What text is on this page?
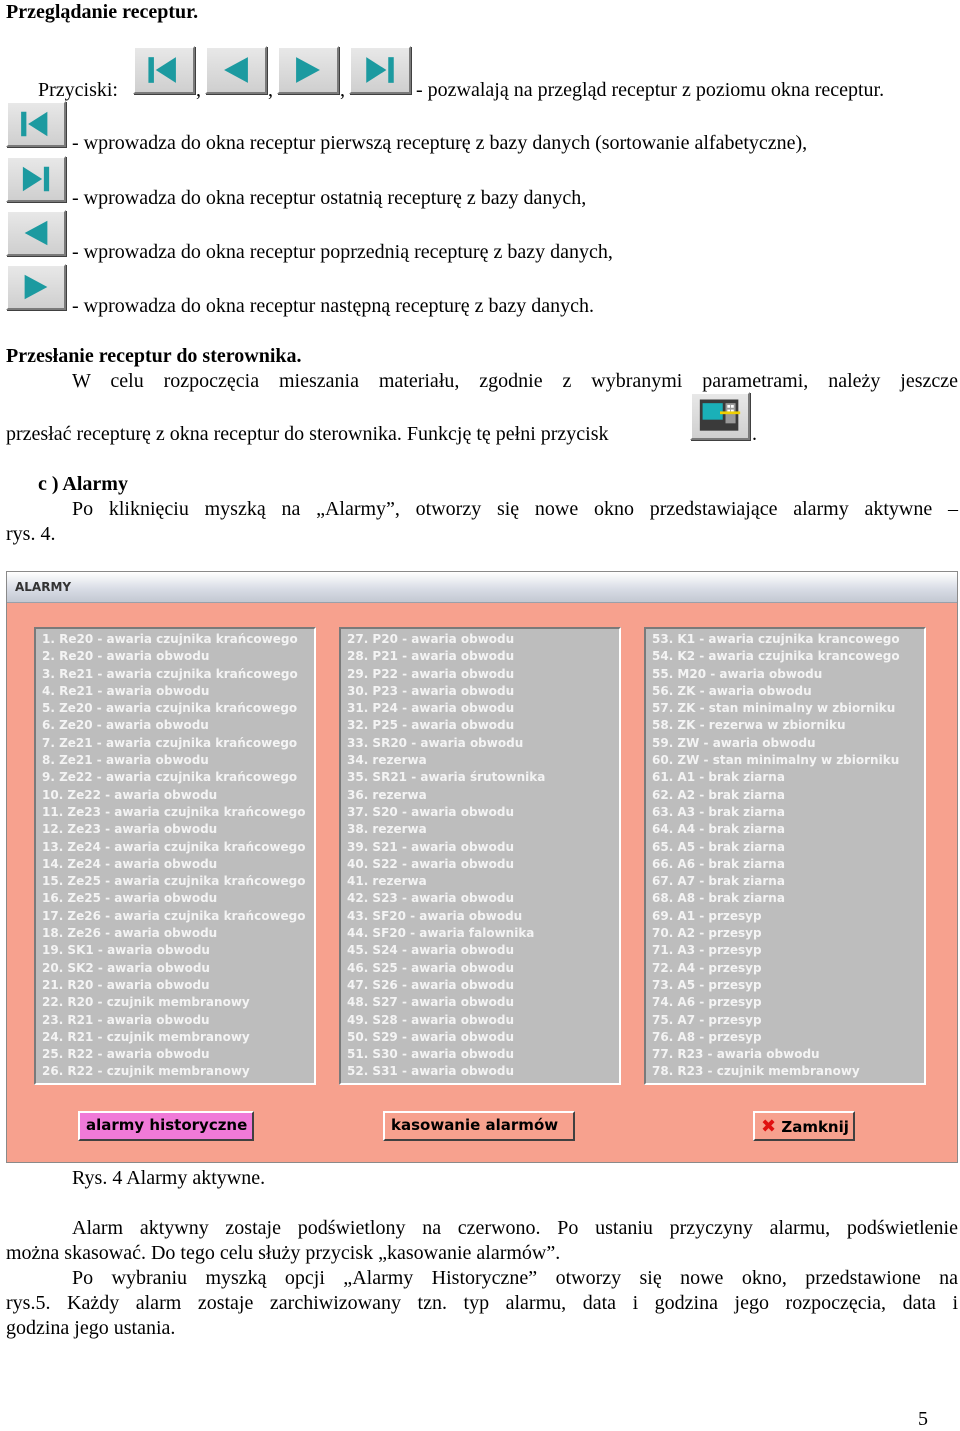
Przeglądanie receptur.
Przyciski:	,	,	,	- pozwalają na przegląd receptur z poziomu okna receptur.
- wprowadza do okna receptur pierwszą recepturę z bazy danych (sortowanie alfabetyczne),
- wprowadza do okna receptur ostatnią recepturę z bazy danych,
- wprowadza do okna receptur poprzednią recepturę z bazy danych,
- wprowadza do okna receptur następną recepturę z bazy danych.
Przesłanie receptur do sterownika.
W celu rozpoczęcia mieszania materiału, zgodnie z wybranymi parametrami, należy jeszcze
przesłać recepturę z okna receptur do sterownika. Funkcję tę pełni przycisk	.
c ) Alarmy
Po kliknięciu myszką na „Alarmy”, otworzy się nowe okno przedstawiające alarmy aktywne –
rys. 4.
ALARMY
1. Re20 - awaria czujnika krańcowego
2. Re20 - awaria obwodu
3. Re21 - awaria czujnika krańcowego
4. Re21 - awaria obwodu
5. Ze20 - awaria czujnika krańcowego
6. Ze20 - awaria obwodu
7. Ze21 - awaria czujnika krańcowego
8. Ze21 - awaria obwodu
9. Ze22 - awaria czujnika krańcowego
10. Ze22 - awaria obwodu
11. Ze23 - awaria czujnika krańcowego
12. Ze23 - awaria obwodu
13. Ze24 - awaria czujnika krańcowego
14. Ze24 - awaria obwodu
15. Ze25 - awaria czujnika krańcowego
16. Ze25 - awaria obwodu
17. Ze26 - awaria czujnika krańcowego
18. Ze26 - awaria obwodu
19. SK1 - awaria obwodu
20. SK2 - awaria obwodu
21. R20 - awaria obwodu
22. R20 - czujnik membranowy
23. R21 - awaria obwodu
24. R21 - czujnik membranowy
25. R22 - awaria obwodu
26. R22 - czujnik membranowy
27. P20 - awaria obwodu
28. P21 - awaria obwodu
29. P22 - awaria obwodu
30. P23 - awaria obwodu
31. P24 - awaria obwodu
32. P25 - awaria obwodu
33. SR20 - awaria obwodu
34. rezerwa
35. SR21 - awaria śrutownika
36. rezerwa
37. S20 - awaria obwodu
38. rezerwa
39. S21 - awaria obwodu
40. S22 - awaria obwodu
41. rezerwa
42. S23 - awaria obwodu
43. SF20 - awaria obwodu
44. SF20 - awaria falownika
45. S24 - awaria obwodu
46. S25 - awaria obwodu
47. S26 - awaria obwodu
48. S27 - awaria obwodu
49. S28 - awaria obwodu
50. S29 - awaria obwodu
51. S30 - awaria obwodu
52. S31 - awaria obwodu
53. K1 - awaria czujnika krancowego
54. K2 - awaria czujnika krancowego
55. M20 - awaria obwodu
56. ZK - awaria obwodu
57. ZK - stan minimalny w zbiorniku
58. ZK - rezerwa w zbiorniku
59. ZW - awaria obwodu
60. ZW - stan minimalny w zbiorniku
61. A1 - brak ziarna
62. A2 - brak ziarna
63. A3 - brak ziarna
64. A4 - brak ziarna
65. A5 - brak ziarna
66. A6 - brak ziarna
67. A7 - brak ziarna
68. A8 - brak ziarna
69. A1 - przesyp
70. A2 - przesyp
71. A3 - przesyp
72. A4 - przesyp
73. A5 - przesyp
74. A6 - przesyp
75. A7 - przesyp
76. A8 - przesyp
77. R23 - awaria obwodu
78. R23 - czujnik membranowy
alarmy historyczne	kasowanie alarmów	✖ Zamknij
Rys. 4 Alarmy aktywne.
Alarm aktywny zostaje podświetlony na czerwono. Po ustaniu przyczyny alarmu, podświetlenie
można skasować. Do tego celu służy przycisk „kasowanie alarmów”.
Po wybraniu myszką opcji „Alarmy Historyczne” otworzy się nowe okno, przedstawione na
rys.5. Każdy alarm zostaje zarchiwizowany tzn. typ alarmu, data i godzina jego rozpoczęcia, data i
godzina jego ustania.
5
